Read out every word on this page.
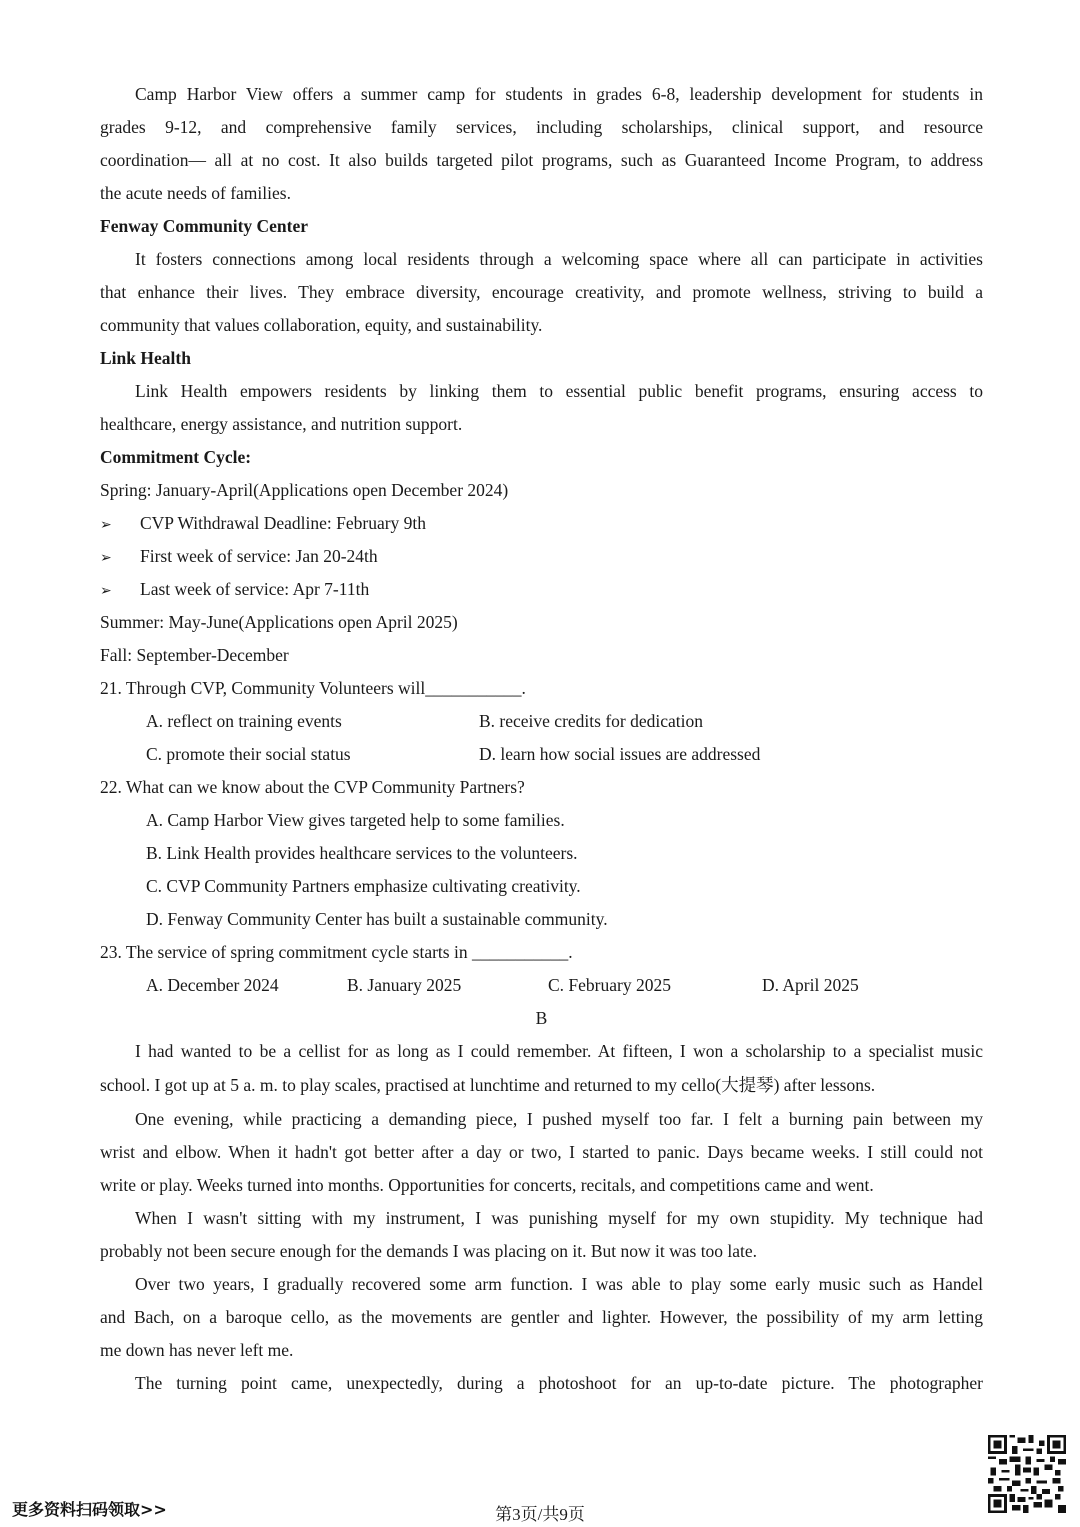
Camp Harbor View offers a summer camp for students in grades 6-8, leadership development for students in
grades 9-12, and comprehensive family services, including scholarships, clinical support, and resource
coordination— all at no cost. It also builds targeted pilot programs, such as Guaranteed Income Program, to address
the acute needs of families.
Fenway Community Center
It fosters connections among local residents through a welcoming space where all can participate in activities
that enhance their lives. They embrace diversity, encourage creativity, and promote wellness, striving to build a
community that values collaboration, equity, and sustainability.
Link Health
Link Health empowers residents by linking them to essential public benefit programs, ensuring access to
healthcare, energy assistance, and nutrition support.
Commitment Cycle:
Spring: January-April(Applications open December 2024)
➢ CVP Withdrawal Deadline: February 9th
➢ First week of service: Jan 20-24th
➢ Last week of service: Apr 7-11th
Summer: May-June(Applications open April 2025)
Fall: September-December
21. Through CVP, Community Volunteers will___________.
A. reflect on training events	B. receive credits for dedication
C. promote their social status	D. learn how social issues are addressed
22. What can we know about the CVP Community Partners?
A. Camp Harbor View gives targeted help to some families.
B. Link Health provides healthcare services to the volunteers.
C. CVP Community Partners emphasize cultivating creativity.
D. Fenway Community Center has built a sustainable community.
23. The service of spring commitment cycle starts in ___________.
A. December 2024	B. January 2025	C. February 2025	D. April 2025
B
I had wanted to be a cellist for as long as I could remember. At fifteen, I won a scholarship to a specialist music
school. I got up at 5 a. m. to play scales, practised at lunchtime and returned to my cello(大提琴) after lessons.
One evening, while practicing a demanding piece, I pushed myself too far. I felt a burning pain between my
wrist and elbow. When it hadn't got better after a day or two, I started to panic. Days became weeks. I still could not
write or play. Weeks turned into months. Opportunities for concerts, recitals, and competitions came and went.
When I wasn't sitting with my instrument, I was punishing myself for my own stupidity. My technique had
probably not been secure enough for the demands I was placing on it. But now it was too late.
Over two years, I gradually recovered some arm function. I was able to play some early music such as Handel
and Bach, on a baroque cello, as the movements are gentler and lighter. However, the possibility of my arm letting
me down has never left me.
The turning point came, unexpectedly, during a photoshoot for an up-to-date picture. The photographer
更多资料扫码领取>>	第3页/共9页
